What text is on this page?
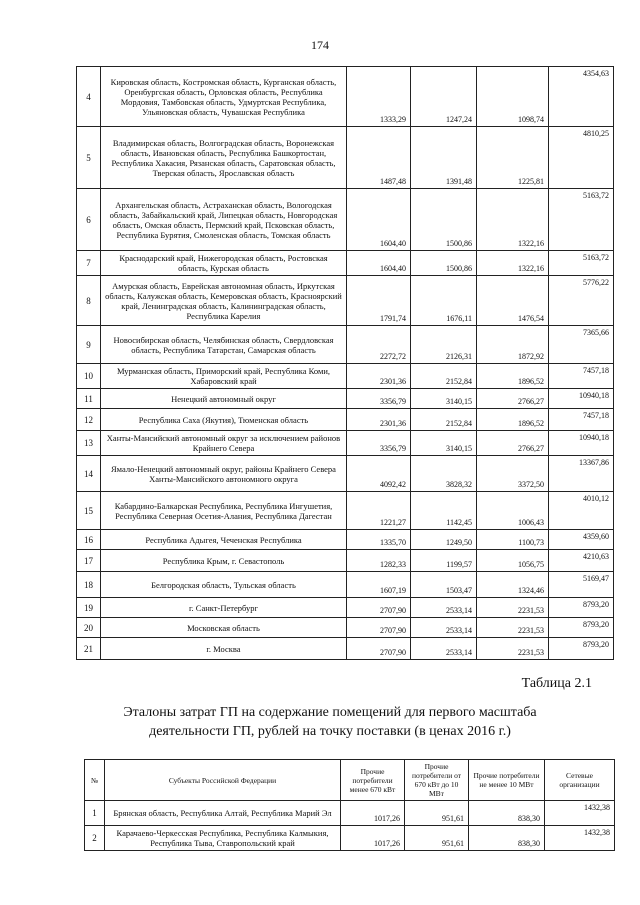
174
4	Кировская область, Костромская область, Курганская область, Оренбургская область, Орловская область, Республика Мордовия, Тамбовская область, Удмуртская Республика, Ульяновская область, Чувашская Республика	1333,29	1247,24	1098,74	4354,63
5	Владимирская область, Волгоградская область, Воронежская область, Ивановская область, Республика Башкортостан, Республика Хакасия, Рязанская область, Саратовская область, Тверская область, Ярославская область	1487,48	1391,48	1225,81	4810,25
6	Архангельская область, Астраханская область, Вологодская область, Забайкальский край, Липецкая область, Новгородская область, Омская область, Пермский край, Псковская область, Республика Бурятия, Смоленская область, Томская область	1604,40	1500,86	1322,16	5163,72
7	Краснодарский край, Нижегородская область, Ростовская область, Курская область	1604,40	1500,86	1322,16	5163,72
8	Амурская область, Еврейская автономная область, Иркутская область, Калужская область, Кемеровская область, Красноярский край, Ленинградская область, Калининградская область, Республика Карелия	1791,74	1676,11	1476,54	5776,22
9	Новосибирская область, Челябинская область, Свердловская область, Республика Татарстан, Самарская область	2272,72	2126,31	1872,92	7365,66
10	Мурманская область, Приморский край, Республика Коми, Хабаровский край	2301,36	2152,84	1896,52	7457,18
11	Ненецкий автономный округ	3356,79	3140,15	2766,27	10940,18
12	Республика Саха (Якутия), Тюменская область	2301,36	2152,84	1896,52	7457,18
13	Ханты-Мансийский автономный округ за исключением районов Крайнего Севера	3356,79	3140,15	2766,27	10940,18
14	Ямало-Ненецкий автономный округ, районы Крайнего Севера Ханты-Мансийского автономного округа	4092,42	3828,32	3372,50	13367,86
15	Кабардино-Балкарская Республика, Республика Ингушетия, Республика Северная Осетия-Алания, Республика Дагестан	1221,27	1142,45	1006,43	4010,12
16	Республика Адыгея, Чеченская Республика	1335,70	1249,50	1100,73	4359,60
17	Республика Крым, г. Севастополь	1282,33	1199,57	1056,75	4210,63
18	Белгородская область, Тульская область	1607,19	1503,47	1324,46	5169,47
19	г. Санкт-Петербург	2707,90	2533,14	2231,53	8793,20
20	Московская область	2707,90	2533,14	2231,53	8793,20
21	г. Москва	2707,90	2533,14	2231,53	8793,20
Таблица 2.1
Эталоны затрат ГП на содержание помещений для первого масштаба
деятельности ГП, рублей на точку поставки (в ценах 2016 г.)
№	Субъекты Российской Федерации	Прочие потребители менее 670 кВт	Прочие потребители от 670 кВт до 10 МВт	Прочие потребители не менее 10 МВт	Сетевые организации
1	Брянская область, Республика Алтай, Республика Марий Эл	1017,26	951,61	838,30	1432,38
2	Карачаево-Черкесская Республика, Республика Калмыкия, Республика Тыва, Ставропольский край	1017,26	951,61	838,30	1432,38
